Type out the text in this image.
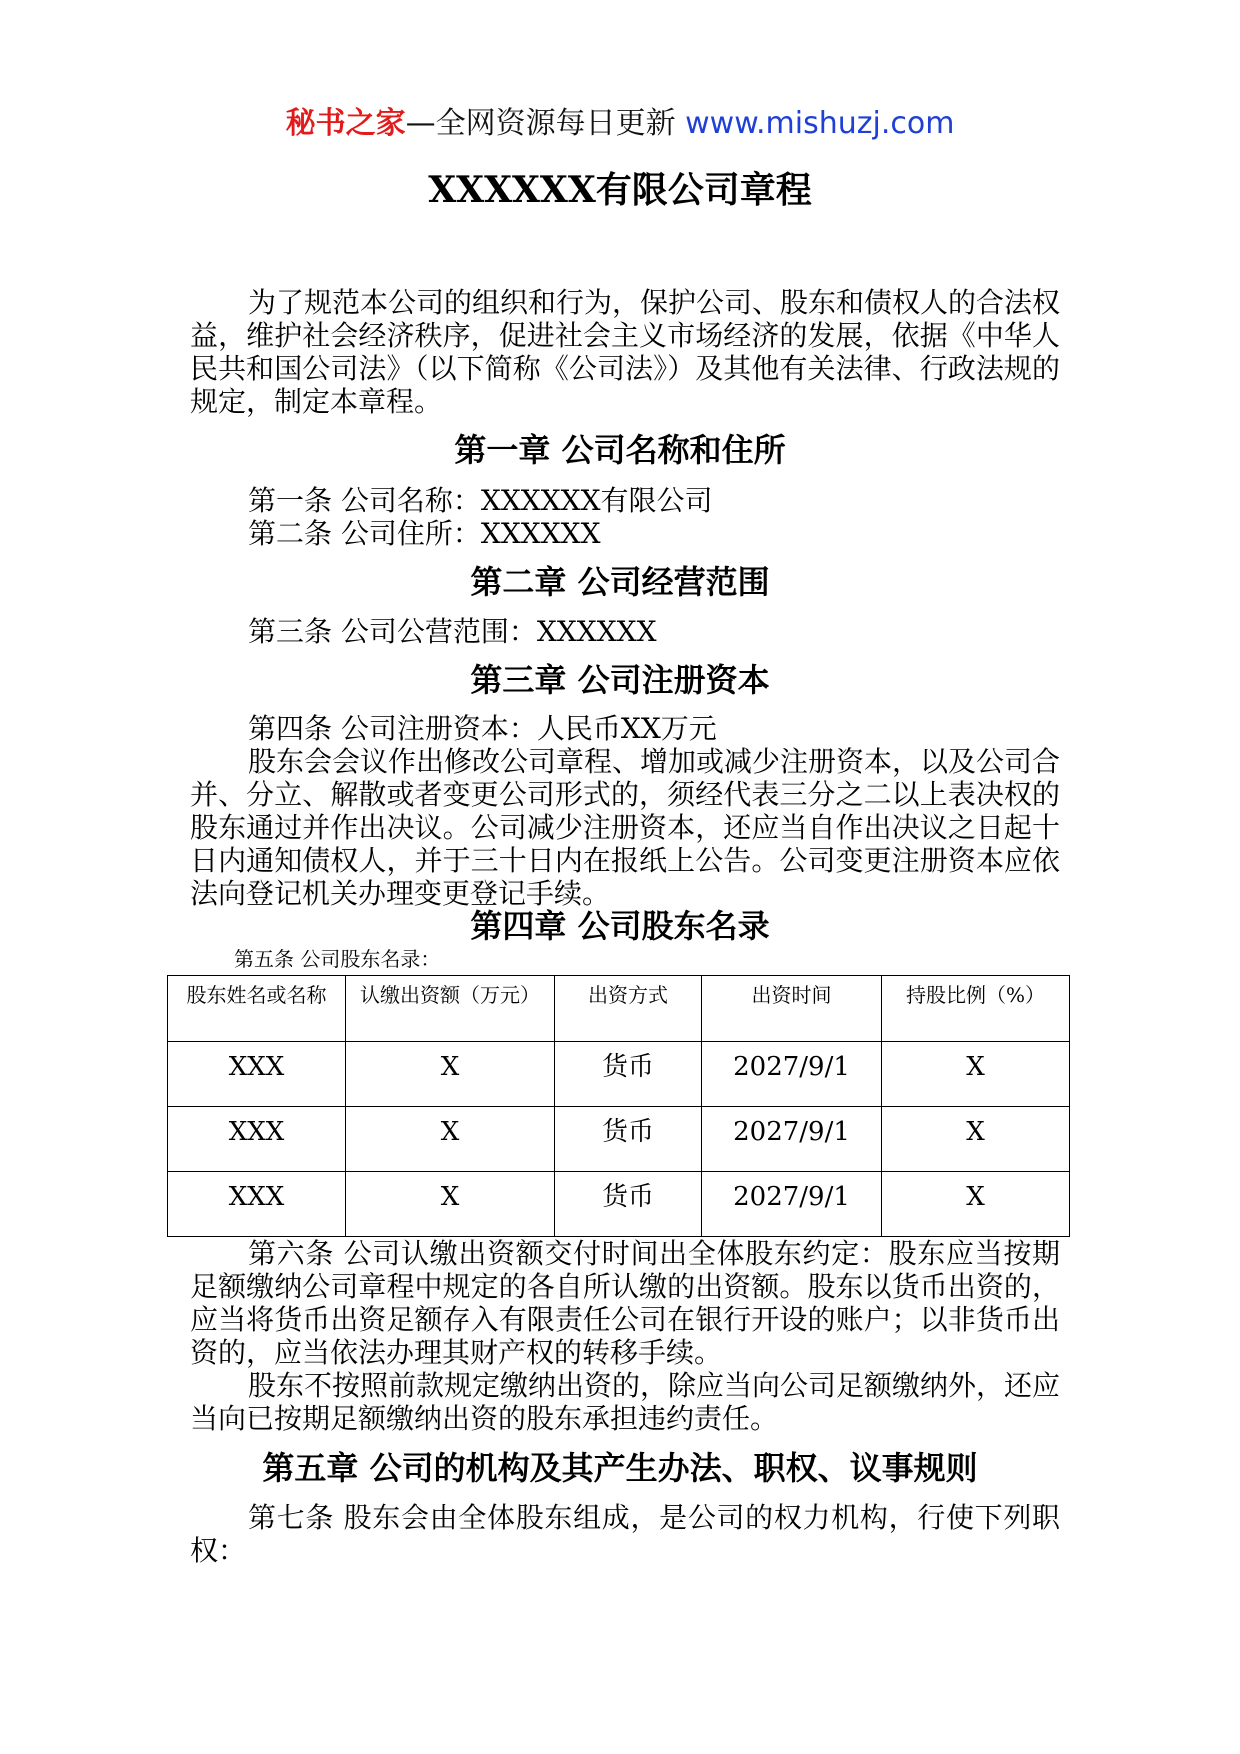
秘书之家—全网资源每日更新 www.mishuzj.com
XXXXXX有限公司章程

为了规范本公司的组织和行为，保护公司、股东和债权人的合法权益，维护社会经济秩序，促进社会主义市场经济的发展，依据《中华人民共和国公司法》（以下简称《公司法》）及其他有关法律、行政法规的规定，制定本章程。

第一章 公司名称和住所
第一条 公司名称：XXXXXX有限公司
第二条 公司住所：XXXXXX
第二章 公司经营范围
第三条 公司公营范围：XXXXXX
第三章 公司注册资本
第四条 公司注册资本：人民币XX万元

股东会会议作出修改公司章程、增加或减少注册资本，以及公司合并、分立、解散或者变更公司形式的，须经代表三分之二以上表决权的股东通过并作出决议。公司减少注册资本，还应当自作出决议之日起十日内通知债权人，并于三十日内在报纸上公告。公司变更注册资本应依法向登记机关办理变更登记手续。

第四章 公司股东名录
第五条 公司股东名录：
股东姓名或名称	认缴出资额（万元）	出资方式	出资时间	持股比例（%）
XXX	X	货币	2027/9/1	X
XXX	X	货币	2027/9/1	X
XXX	X	货币	2027/9/1	X

第六条 公司认缴出资额交付时间出全体股东约定：股东应当按期足额缴纳公司章程中规定的各自所认缴的出资额。股东以货币出资的，应当将货币出资足额存入有限责任公司在银行开设的账户；以非货币出资的，应当依法办理其财产权的转移手续。

股东不按照前款规定缴纳出资的，除应当向公司足额缴纳外，还应当向已按期足额缴纳出资的股东承担违约责任。

第五章 公司的机构及其产生办法、职权、议事规则

第七条 股东会由全体股东组成，是公司的权力机构，行使下列职权：
